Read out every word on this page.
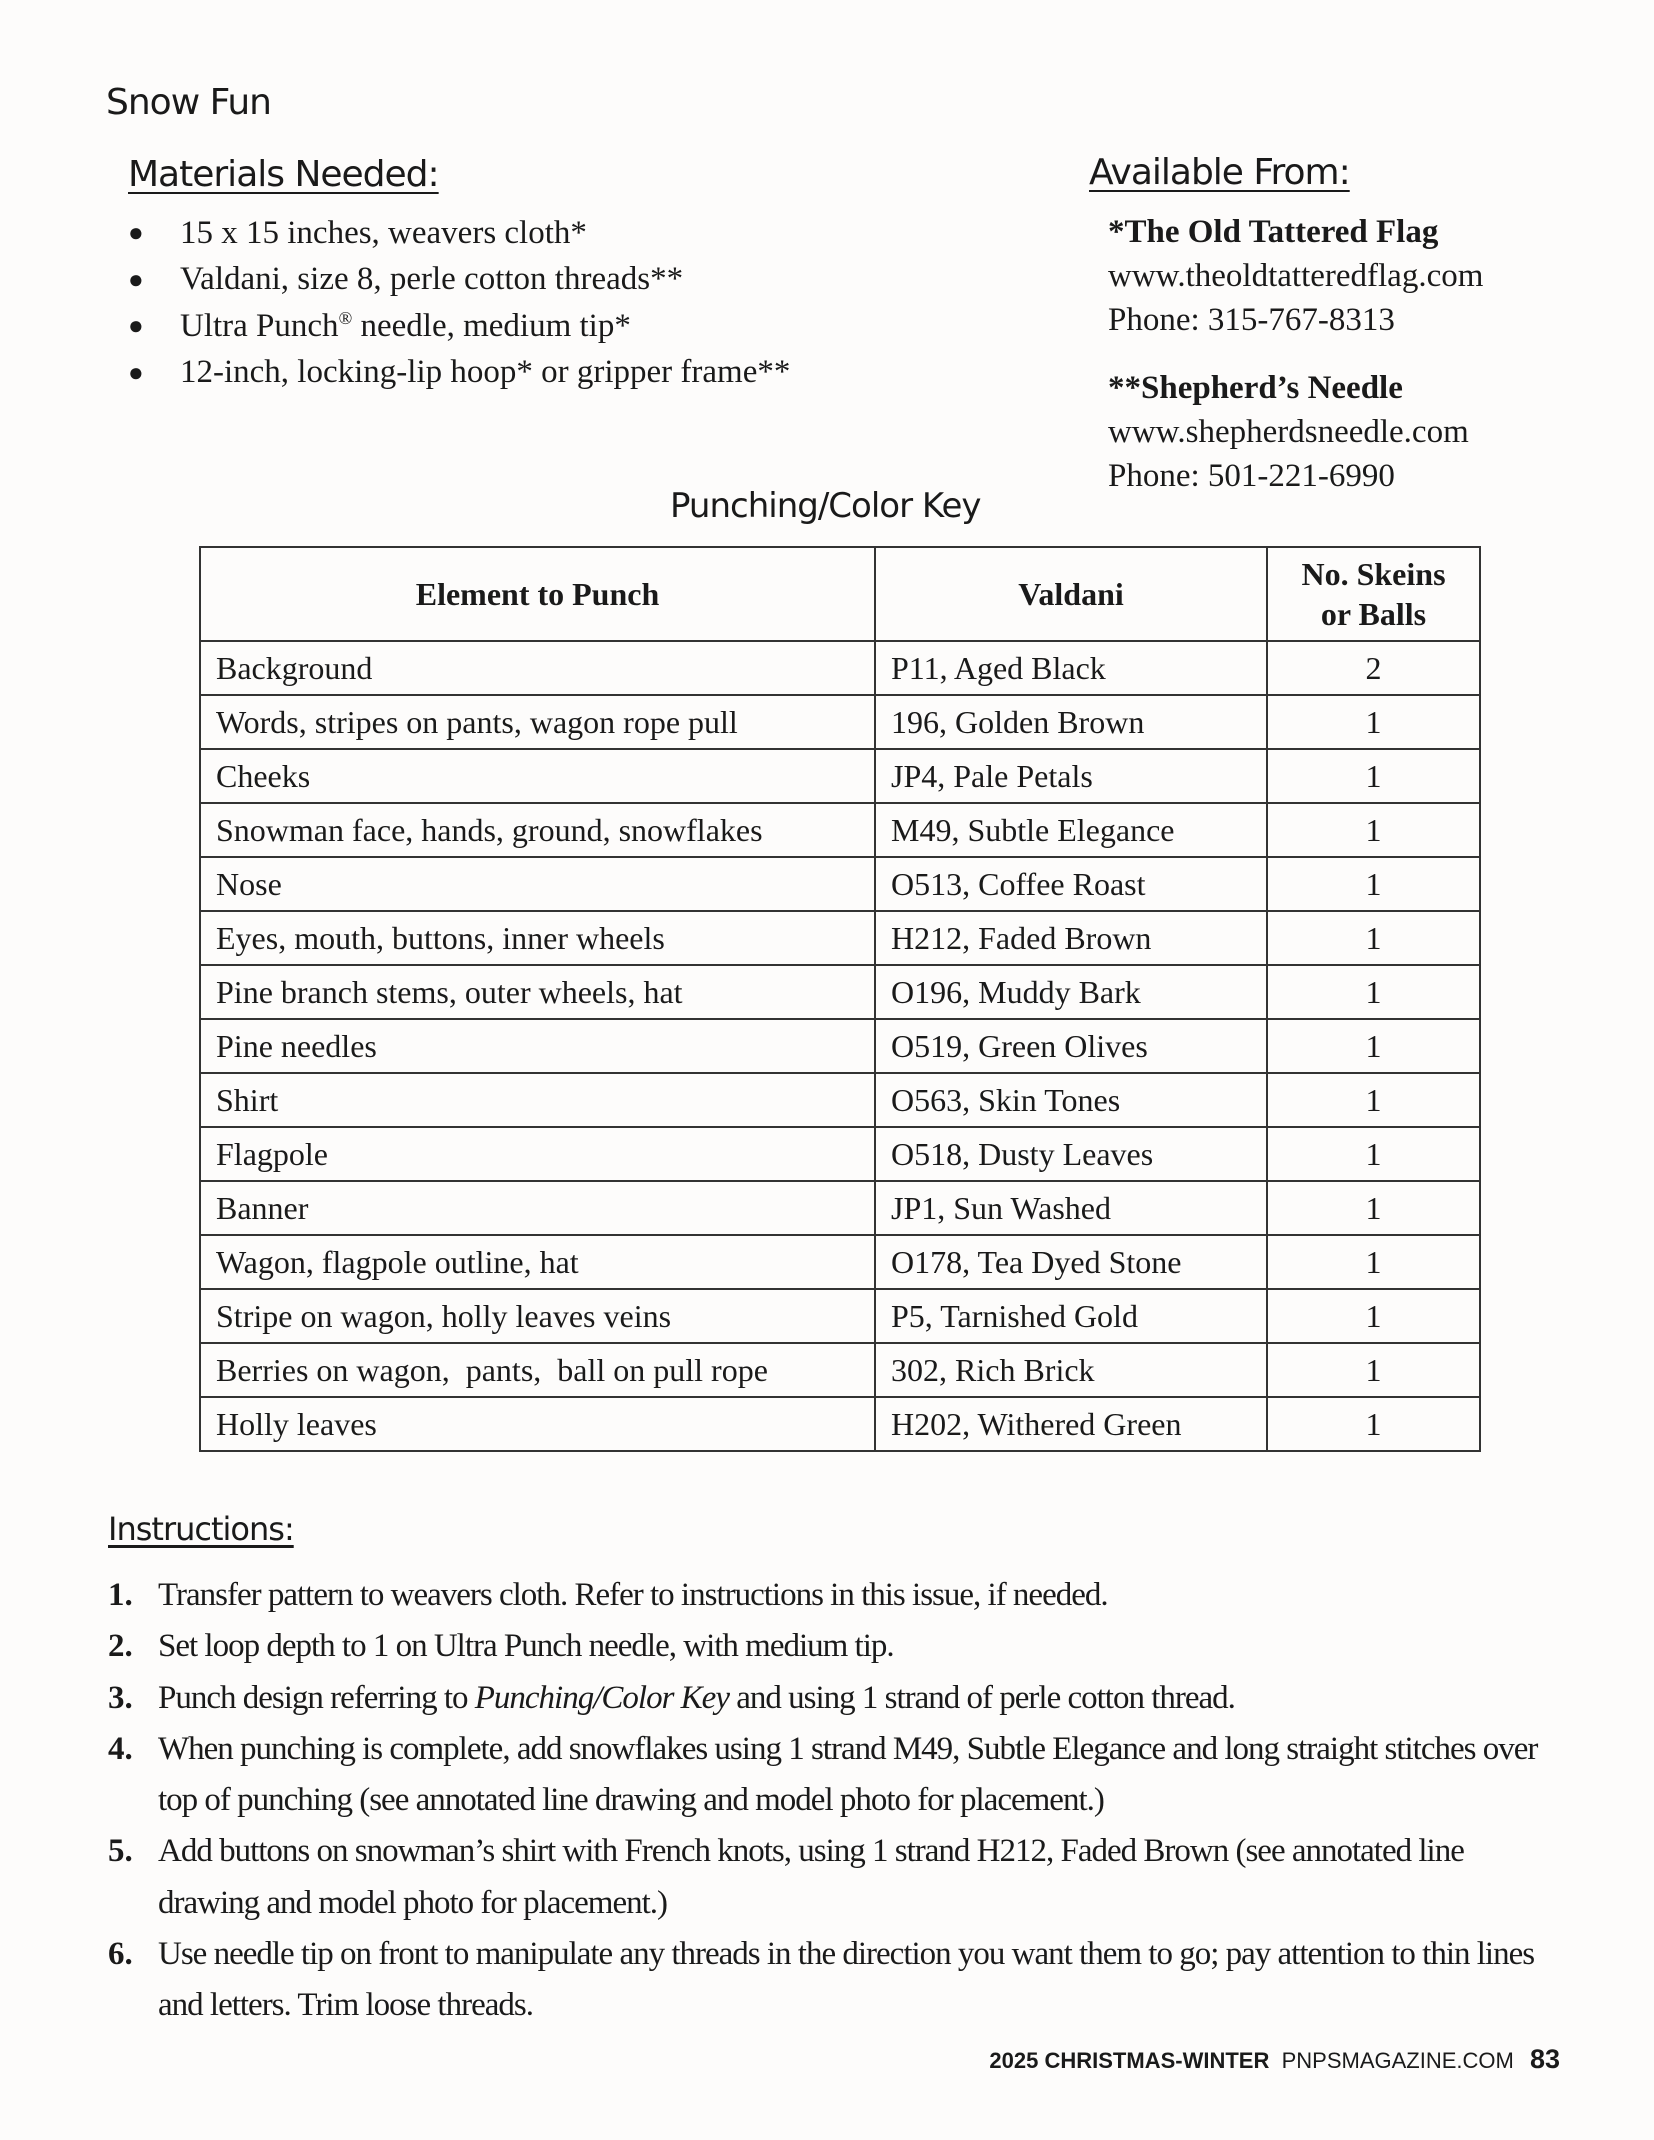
Snow Fun
Materials Needed:
●	15 x 15 inches, weavers cloth*
●	Valdani, size 8, perle cotton threads**
●	Ultra Punch® needle, medium tip*
●	12-inch, locking-lip hoop* or gripper frame**
Available From:
*The Old Tattered Flag
www.theoldtatteredflag.com
Phone: 315-767-8313
**Shepherd’s Needle
www.shepherdsneedle.com
Phone: 501-221-6990
Punching/Color Key
Element to Punch	Valdani	No. Skeins or Balls
Background	P11, Aged Black	2
Words, stripes on pants, wagon rope pull	196, Golden Brown	1
Cheeks	JP4, Pale Petals	1
Snowman face, hands, ground, snowflakes	M49, Subtle Elegance	1
Nose	O513, Coffee Roast	1
Eyes, mouth, buttons, inner wheels	H212, Faded Brown	1
Pine branch stems, outer wheels, hat	O196, Muddy Bark	1
Pine needles	O519, Green Olives	1
Shirt	O563, Skin Tones	1
Flagpole	O518, Dusty Leaves	1
Banner	JP1, Sun Washed	1
Wagon, flagpole outline, hat	O178, Tea Dyed Stone	1
Stripe on wagon, holly leaves veins	P5, Tarnished Gold	1
Berries on wagon,  pants,  ball on pull rope	302, Rich Brick	1
Holly leaves	H202, Withered Green	1
Instructions:
1. Transfer pattern to weavers cloth. Refer to instructions in this issue, if needed.
2. Set loop depth to 1 on Ultra Punch needle, with medium tip.
3. Punch design referring to Punching/Color Key and using 1 strand of perle cotton thread.
4. When punching is complete, add snowflakes using 1 strand M49, Subtle Elegance and long straight stitches over top of punching (see annotated line drawing and model photo for placement.)
5. Add buttons on snowman’s shirt with French knots, using 1 strand H212, Faded Brown (see annotated line drawing and model photo for placement.)
6. Use needle tip on front to manipulate any threads in the direction you want them to go; pay attention to thin lines and letters. Trim loose threads.
2025 CHRISTMAS-WINTER PNPSMAGAZINE.COM 83
